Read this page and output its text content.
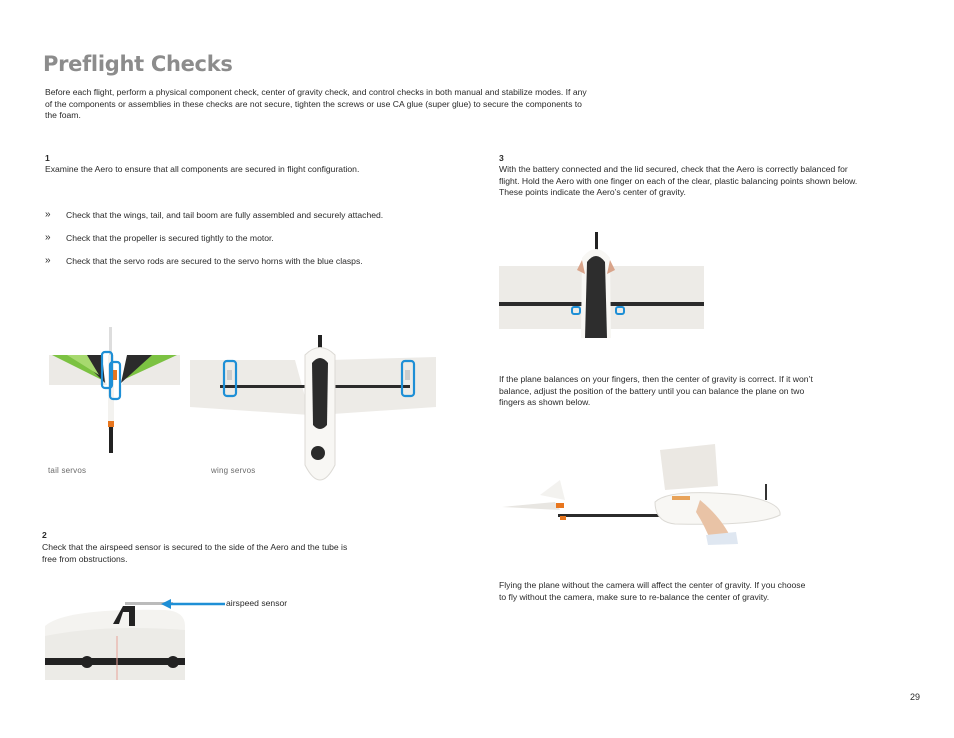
Preflight Checks
Before each flight, perform a physical component check, center of gravity check, and control checks in both manual and stabilize modes. If any of the components or assemblies in these checks are not secure, tighten the screws or use CA glue (super glue) to secure the components to the foam.
1
Examine the Aero to ensure that all components are secured in flight configuration.
»	Check that the wings, tail, and tail boom are fully assembled and securely attached.
»	Check that the propeller is secured tightly to the motor.
»	Check that the servo rods are secured to the servo horns with the blue clasps.
tail servos	wing servos
2
Check that the airspeed sensor is secured to the side of the Aero and the tube is free from obstructions.
airspeed sensor
3
With the battery connected and the lid secured, check that the Aero is correctly balanced for flight. Hold the Aero with one finger on each of the clear, plastic balancing points shown below. These points indicate the Aero’s center of gravity.
If the plane balances on your fingers, then the center of gravity is correct. If it won’t balance, adjust the position of the battery until you can balance the plane on two fingers as shown below.
Flying the plane without the camera will affect the center of gravity. If you choose to fly without the camera, make sure to re-balance the center of gravity.
29
